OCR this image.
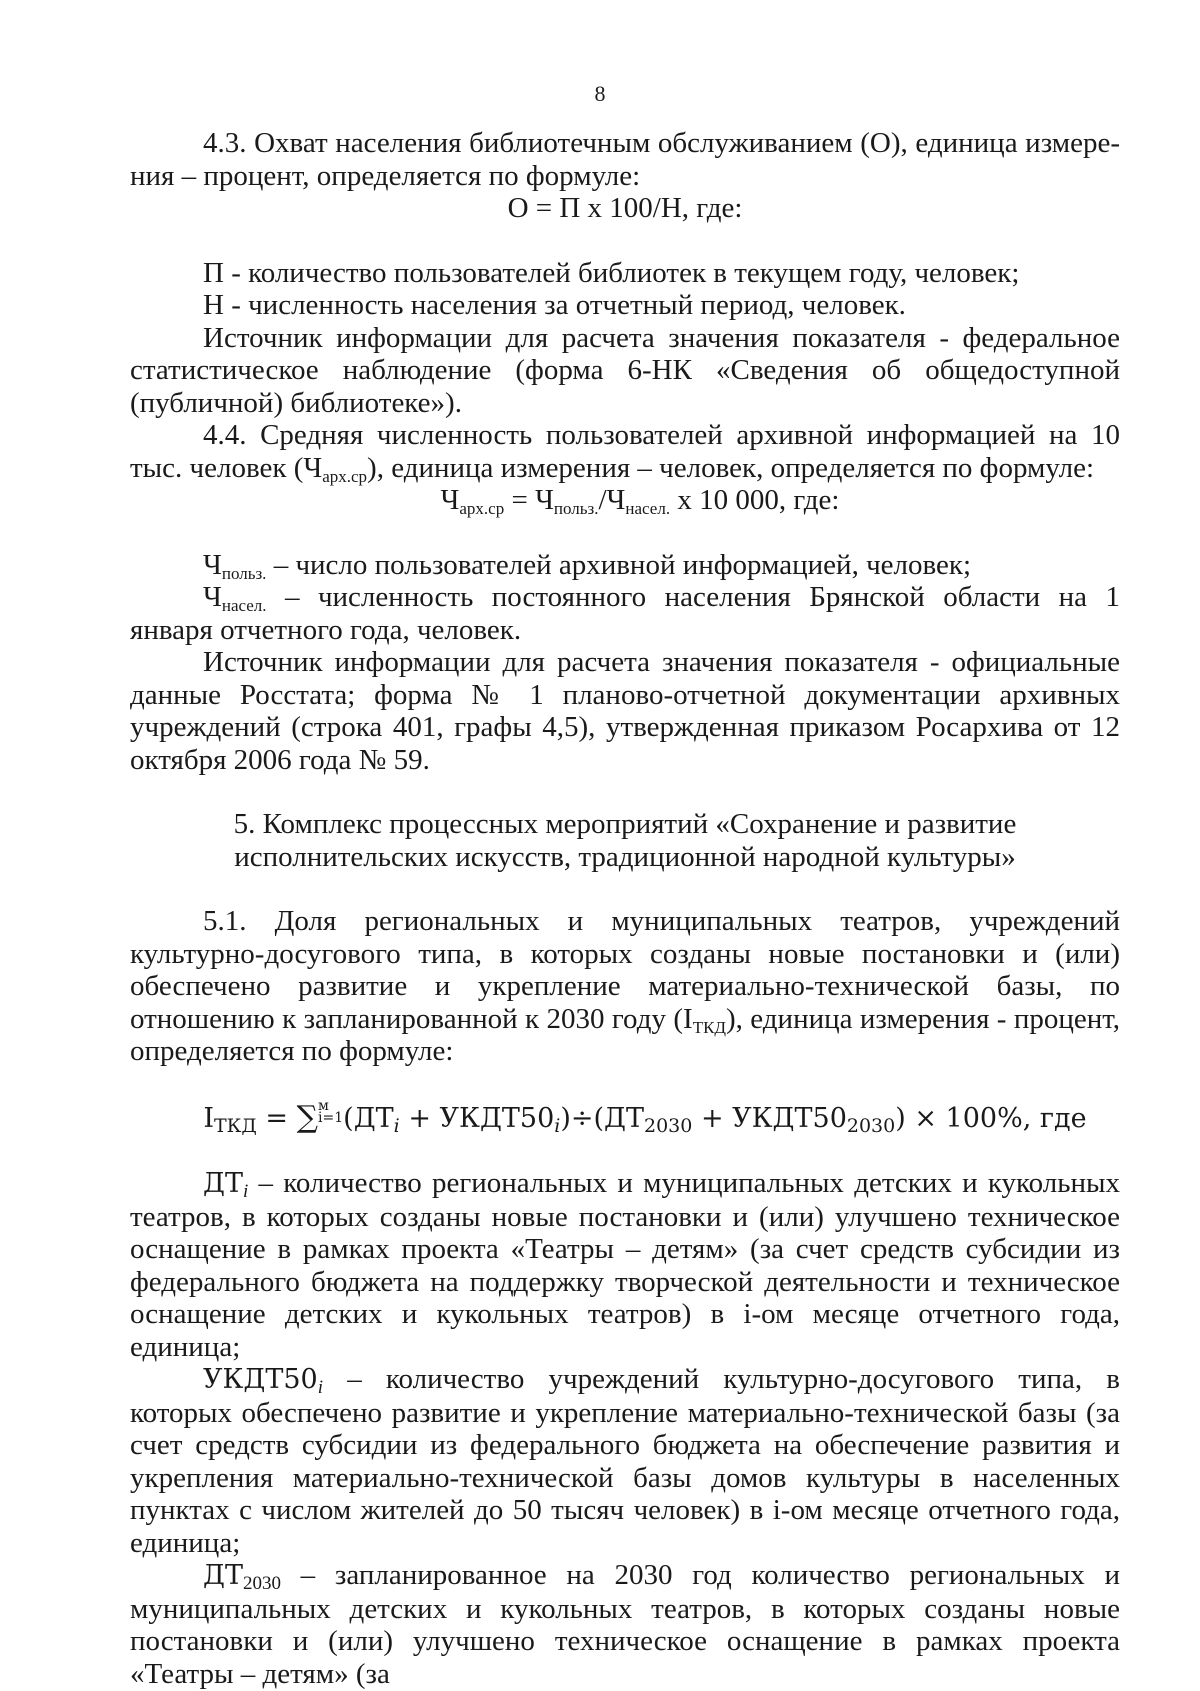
8

4.3. Охват населения библиотечным обслуживанием (О), единица измере-

ния – процент, определяется по формуле:

О = П х 100/Н, где:

П - количество пользователей библиотек в текущем году, человек;

Н - численность населения за отчетный период, человек.

Источник информации для расчета значения показателя - федеральное статистическое наблюдение (форма 6-НК «Сведения об общедоступной (публичной) библиотеке»).

4.4. Средняя численность пользователей архивной информацией на 10 тыс. человек $(Ч_{арх.ср})$, единица измерения – человек, определяется по формуле:

$Ч_{арх.ср} = Ч_{польз.}/Ч_{насел.}$ х 10 000, где:

$Ч_{польз.}$ – число пользователей архивной информацией, человек;

$Ч_{насел.}$ – численность постоянного населения Брянской области на 1 января отчетного года, человек.

Источник информации для расчета значения показателя - официальные данные Росстата; форма № 1 планово-отчетной документации архивных учреждений (строка 401, графы 4,5), утвержденная приказом Росархива от 12 октября 2006 года № 59.

5. Комплекс процессных мероприятий «Сохранение и развитие исполнительских искусств, традиционной народной культуры»

5.1. Доля региональных и муниципальных театров, учреждений культурно-досугового типа, в которых созданы новые постановки и (или) обеспечено развитие и укрепление материально-технической базы, по отношению к запланированной к 2030 году $(I_{ТКД})$, единица измерения - процент, определяется по формуле:

$I_{ТКД}$ = ∑ м
i=1 ($ДТ_i$ + $УКДТ50_i)\div(ДТ_{2030}$ + $УКДТ50_{2030}) \times 100\%$, где

$ДТ_i$ – количество региональных и муниципальных детских и кукольных театров, в которых созданы новые постановки и (или) улучшено техническое оснащение в рамках проекта «Театры – детям» (за счет средств субсидии из федерального бюджета на поддержку творческой деятельности и техническое оснащение детских и кукольных театров) в i-ом месяце отчетного года, единица;

$УКДТ50_i$ – количество учреждений культурно-досугового типа, в которых обеспечено развитие и укрепление материально-технической базы (за счет средств субсидии из федерального бюджета на обеспечение развития и укрепления материально-технической базы домов культуры в населенных пунктах с числом жителей до 50 тысяч человек) в i-ом месяце отчетного года, единица;

$ДТ_{2030}$ – запланированное на 2030 год количество региональных и муниципальных детских и кукольных театров, в которых созданы новые постановки и (или) улучшено техническое оснащение в рамках проекта «Театры – детям» (за
